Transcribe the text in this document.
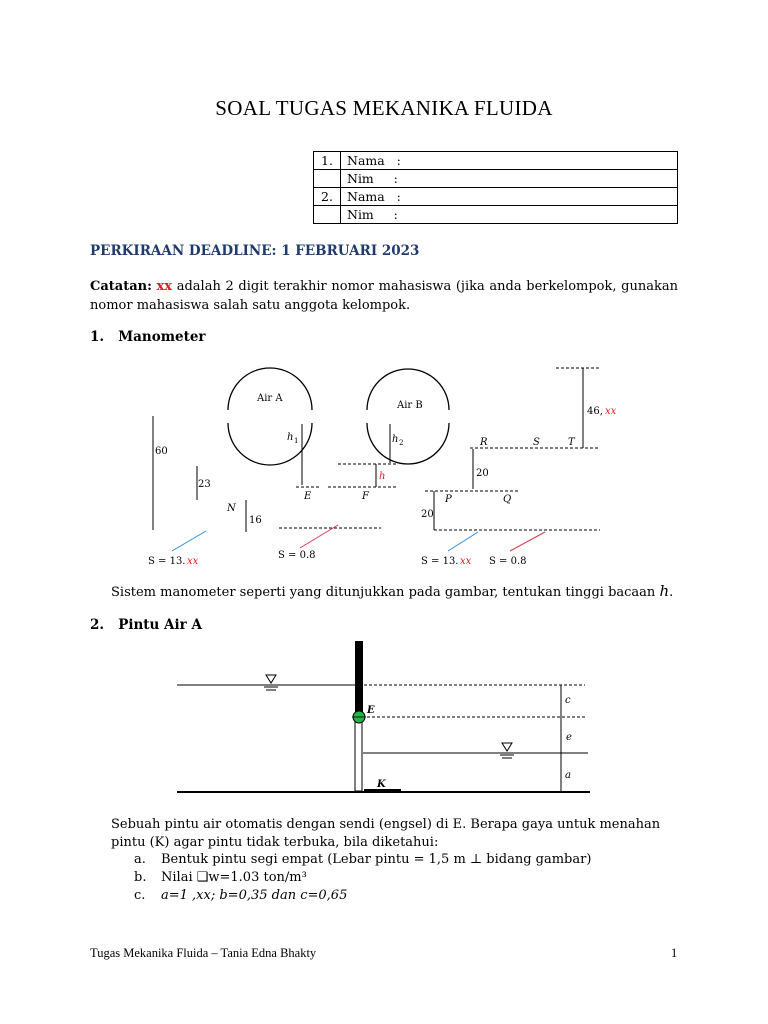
SOAL TUGAS MEKANIKA FLUIDA
1.	Nama   :
	Nim     :
2.	Nama   :
	Nim     :
PERKIRAAN DEADLINE: 1 FEBRUARI 2023
Catatan: xx adalah 2 digit terakhir nomor mahasiswa (jika anda berkelompok, gunakan nomor mahasiswa salah satu anggota kelompok.
1.   Manometer
Air A
Air B
h 1	h 2
h
E	F
N
P	Q
R	S	T
60
23
16
20
20
46, xx
S = 13. xx
S = 0.8
S = 13. xx S = 0.8
Sistem manometer seperti yang ditunjukkan pada gambar, tentukan tinggi bacaan h.
2.   Pintu Air A
E
K
c
e
a
Sebuah pintu air otomatis dengan sendi (engsel) di E. Berapa gaya untuk menahan pintu (K) agar pintu tidak terbuka, bila diketahui:
a. Bentuk pintu segi empat (Lebar pintu = 1,5 m ⊥ bidang gambar)
b. Nilai ❑w=1.03 ton/m³
c. a=1 ,xx; b=0,35 dan c=0,65
Tugas Mekanika Fluida – Tania Edna Bhakty	1
